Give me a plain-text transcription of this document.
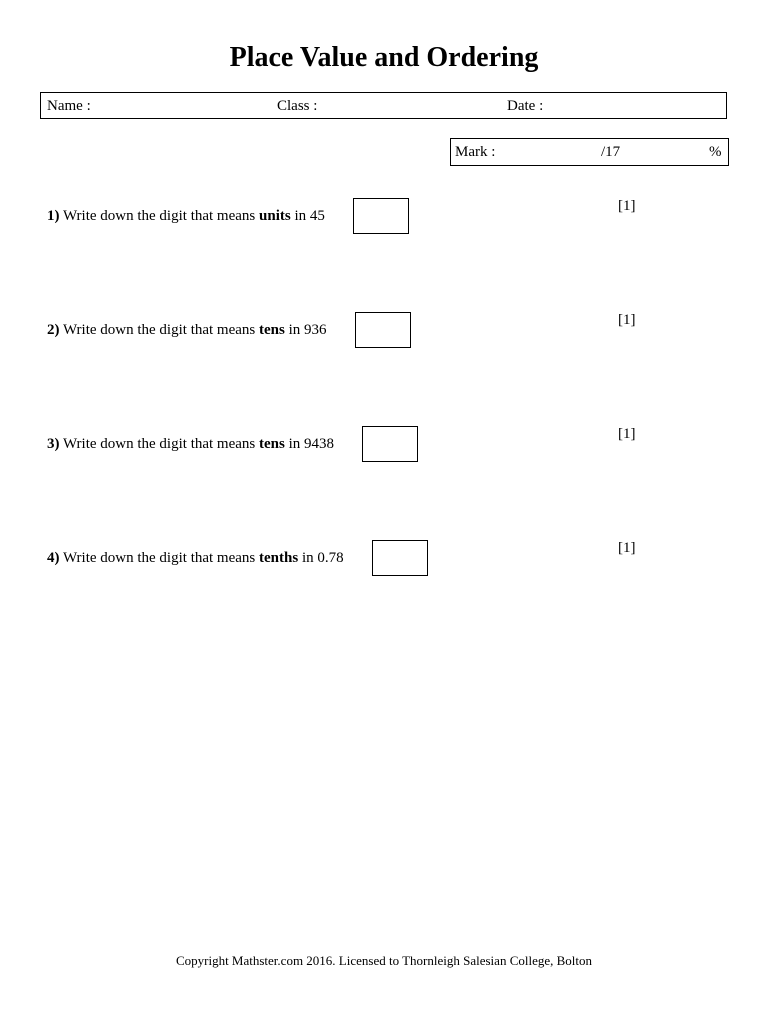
Place Value and Ordering
Name :	Class :	Date :
Mark :	/17	%
1) Write down the digit that means units in 45
[1]
2) Write down the digit that means tens in 936
[1]
3) Write down the digit that means tens in 9438
[1]
4) Write down the digit that means tenths in 0.78
[1]
Copyright Mathster.com 2016. Licensed to Thornleigh Salesian College, Bolton
